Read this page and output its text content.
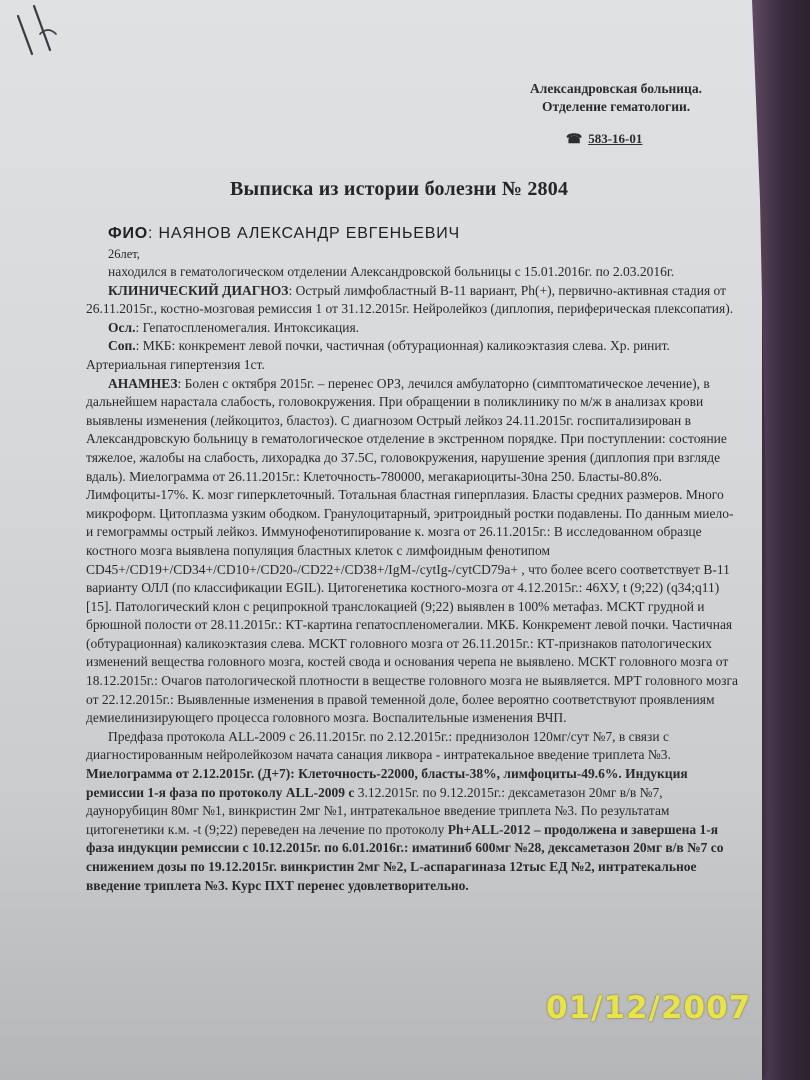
Александровская больница.
Отделение гематологии.
☎ 583-16-01
Выписка из истории болезни № 2804
ФИО: НАЯНОВ АЛЕКСАНДР ЕВГЕНЬЕВИЧ
26лет,

находился в гематологическом отделении Александровской больницы с 15.01.2016г. по 2.03.2016г.

КЛИНИЧЕСКИЙ ДИАГНОЗ: Острый лимфобластный В-11 вариант, Ph(+), первично-активная стадия от 26.11.2015г., костно-мозговая ремиссия 1 от 31.12.2015г. Нейролейкоз (диплопия, периферическая плексопатия).

Осл.: Гепатоспленомегалия. Интоксикация.

Соп.: МКБ: конкремент левой почки, частичная (обтурационная) каликоэктазия слева. Хр. ринит. Артериальная гипертензия 1ст.

АНАМНЕЗ: Болен с октября 2015г. – перенес ОРЗ, лечился амбулаторно (симптоматическое лечение), в дальнейшем нарастала слабость, головокружения. При обращении в поликлинику по м/ж в анализах крови выявлены изменения (лейкоцитоз, бластоз). С диагнозом Острый лейкоз 24.11.2015г. госпитализирован в Александровскую больницу в гематологическое отделение в экстренном порядке. При поступлении: состояние тяжелое, жалобы на слабость, лихорадка до 37.5С, головокружения, нарушение зрения (диплопия при взгляде вдаль). Миелограмма от 26.11.2015г.: Клеточность-780000, мегакариоциты-30на 250. Бласты-80.8%. Лимфоциты-17%. К. мозг гиперклеточный. Тотальная бластная гиперплазия. Бласты средних размеров. Много микроформ. Цитоплазма узким ободком. Гранулоцитарный, эритроидный ростки подавлены. По данным миело- и гемограммы острый лейкоз. Иммунофенотипирование к. мозга от 26.11.2015г.: В исследованном образце костного мозга выявлена популяция бластных клеток с лимфоидным фенотипом CD45+/CD19+/CD34+/CD10+/CD20-/CD22+/CD38+/IgM-/cytIg-/cytCD79a+ , что более всего соответствует В-11 варианту ОЛЛ (по классификации EGIL). Цитогенетика костного-мозга от 4.12.2015г.: 46ХУ, t (9;22) (q34;q11) [15]. Патологический клон с реципрокной транслокацией (9;22) выявлен в 100% метафаз. МСКТ грудной и брюшной полости от 28.11.2015г.: КТ-картина гепатоспленомегалии. МКБ. Конкремент левой почки. Частичная (обтурационная) каликоэктазия слева. МСКТ головного мозга от 26.11.2015г.: КТ-признаков патологических изменений вещества головного мозга, костей свода и основания черепа не выявлено. МСКТ головного мозга от 18.12.2015г.: Очагов патологической плотности в веществе головного мозга не выявляется. МРТ головного мозга от 22.12.2015г.: Выявленные изменения в правой теменной доле, более вероятно соответствуют проявлениям демиелинизирующего процесса головного мозга. Воспалительные изменения ВЧП.

Предфаза протокола ALL-2009 с 26.11.2015г. по 2.12.2015г.: преднизолон 120мг/сут №7, в связи с диагностированным нейролейкозом начата санация ликвора - интратекальное введение триплета №3. Миелограмма от 2.12.2015г. (Д+7): Клеточность-22000, бласты-38%, лимфоциты-49.6%. Индукция ремиссии 1-я фаза по протоколу ALL-2009 с 3.12.2015г. по 9.12.2015г.: дексаметазон 20мг в/в №7, даунорубицин 80мг №1, винкристин 2мг №1, интратекальное введение триплета №3. По результатам цитогенетики к.м. -t (9;22) переведен на лечение по протоколу Ph+ALL-2012 – продолжена и завершена 1-я фаза индукции ремиссии с 10.12.2015г. по 6.01.2016г.: иматиниб 600мг №28, дексаметазон 20мг в/в №7 со снижением дозы по 19.12.2015г. винкристин 2мг №2, L-аспарагиназа 12тыс ЕД №2, интратекальное введение триплета №3. Курс ПХТ перенес удовлетворительно.

01/12/2007
